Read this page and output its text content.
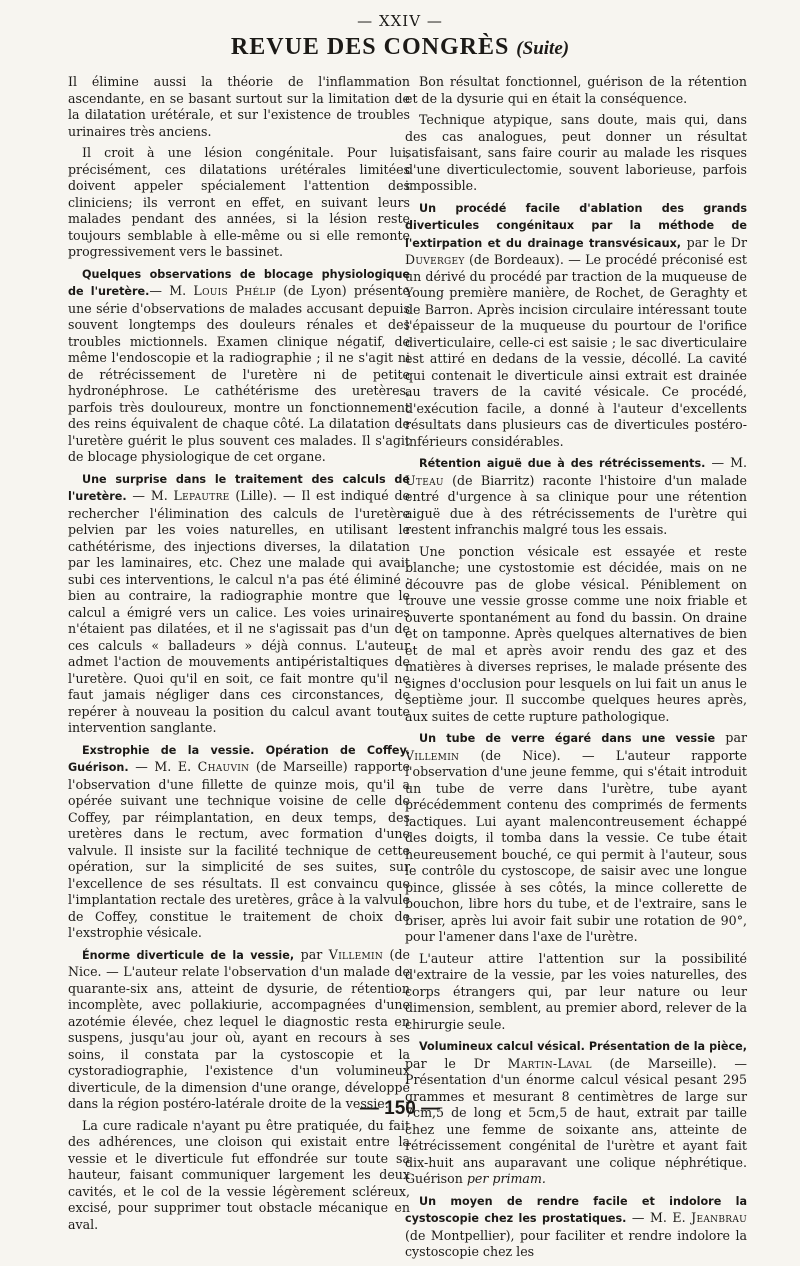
— XXIV —
REVUE DES CONGRÈS (Suite)

Il élimine aussi la théorie de l'inflammation ascendante, en se basant surtout sur la limitation de la dilatation urétérale, et sur l'existence de troubles urinaires très anciens.

Il croit à une lésion congénitale. Pour lui, précisément, ces dilatations urétérales limitées doivent appeler spécialement l'attention des cliniciens; ils verront en effet, en suivant leurs malades pendant des années, si la lésion reste toujours semblable à elle-même ou si elle remonte progressivement vers le bassinet.

Quelques observations de blocage physiologique de l'uretère.— M. Louis Phélip (de Lyon) présente une série d'observations de malades accusant depuis souvent longtemps des douleurs rénales et des troubles mictionnels. Examen clinique négatif, de même l'endoscopie et la radiographie ; il ne s'agit ni de rétrécissement de l'uretère ni de petite hydronéphrose. Le cathétérisme des uretères, parfois très douloureux, montre un fonctionnement des reins équivalent de chaque côté. La dilatation de l'uretère guérit le plus souvent ces malades. Il s'agit de blocage physiologique de cet organe.

Une surprise dans le traitement des calculs de l'uretère. — M. Lepautre (Lille). — Il est indiqué de rechercher l'élimination des calculs de l'uretère pelvien par les voies naturelles, en utilisant le cathétérisme, des injections diverses, la dilatation par les laminaires, etc. Chez une malade qui avait subi ces interventions, le calcul n'a pas été éliminé : bien au contraire, la radiographie montre que le calcul a émigré vers un calice. Les voies urinaires n'étaient pas dilatées, et il ne s'agissait pas d'un de ces calculs « balladeurs » déjà connus. L'auteur admet l'action de mouvements antipéristaltiques de l'uretère. Quoi qu'il en soit, ce fait montre qu'il ne faut jamais négliger dans ces circonstances, de repérer à nouveau la position du calcul avant toute intervention sanglante.

Exstrophie de la vessie. Opération de Coffey. Guérison. — M. E. Chauvin (de Marseille) rapporte l'observation d'une fillette de quinze mois, qu'il a opérée suivant une technique voisine de celle de Coffey, par réimplantation, en deux temps, des uretères dans le rectum, avec formation d'une valvule. Il insiste sur la facilité technique de cette opération, sur la simplicité de ses suites, sur l'excellence de ses résultats. Il est convaincu que l'implantation rectale des uretères, grâce à la valvule de Coffey, constitue le traitement de choix de l'exstrophie vésicale.

Énorme diverticule de la vessie, par Villemin (de Nice. — L'auteur relate l'observation d'un malade de quarante-six ans, atteint de dysurie, de rétention incomplète, avec pollakiurie, accompagnées d'une azotémie élevée, chez lequel le diagnostic resta en suspens, jusqu'au jour où, ayant en recours à ses soins, il constata par la cystoscopie et la cystoradiographie, l'existence d'un volumineux diverticule, de la dimension d'une orange, développé dans la région postéro-latérale droite de la vessie.

La cure radicale n'ayant pu être pratiquée, du fait des adhérences, une cloison qui existait entre la vessie et le diverticule fut effondrée sur toute sa hauteur, faisant communiquer largement les deux cavités, et le col de la vessie légèrement scléreux, excisé, pour supprimer tout obstacle mécanique en aval.

Bon résultat fonctionnel, guérison de la rétention et de la dysurie qui en était la conséquence.

Technique atypique, sans doute, mais qui, dans des cas analogues, peut donner un résultat satisfaisant, sans faire courir au malade les risques d'une diverticulectomie, souvent laborieuse, parfois impossible.

Un procédé facile d'ablation des grands diverticules congénitaux par la méthode de l'extirpation et du drainage transvésicaux, par le Dr Duvergey (de Bordeaux). — Le procédé préconisé est un dérivé du procédé par traction de la muqueuse de Young première manière, de Rochet, de Geraghty et de Barron. Après incision circulaire intéressant toute l'épaisseur de la muqueuse du pourtour de l'orifice diverticulaire, celle-ci est saisie ; le sac diverticulaire est attiré en dedans de la vessie, décollé. La cavité qui contenait le diverticule ainsi extrait est drainée au travers de la cavité vésicale. Ce procédé, d'exécution facile, a donné à l'auteur d'excellents résultats dans plusieurs cas de diverticules postéro-inférieurs considérables.

Rétention aiguë due à des rétrécissements. — M. Uteau (de Biarritz) raconte l'histoire d'un malade entré d'urgence à sa clinique pour une rétention aiguë due à des rétrécissements de l'urètre qui restent infranchis malgré tous les essais.

Une ponction vésicale est essayée et reste blanche; une cystostomie est décidée, mais on ne découvre pas de globe vésical. Péniblement on trouve une vessie grosse comme une noix friable et ouverte spontanément au fond du bassin. On draine et on tamponne. Après quelques alternatives de bien et de mal et après avoir rendu des gaz et des matières à diverses reprises, le malade présente des signes d'occlusion pour lesquels on lui fait un anus le septième jour. Il succombe quelques heures après, aux suites de cette rupture pathologique.

Un tube de verre égaré dans une vessie par Villemin (de Nice). — L'auteur rapporte l'observation d'une jeune femme, qui s'était introduit un tube de verre dans l'urètre, tube ayant précédemment contenu des comprimés de ferments lactiques. Lui ayant malencontreusement échappé des doigts, il tomba dans la vessie. Ce tube était heureusement bouché, ce qui permit à l'auteur, sous le contrôle du cystoscope, de saisir avec une longue pince, glissée à ses côtés, la mince collerette de bouchon, libre hors du tube, et de l'extraire, sans le briser, après lui avoir fait subir une rotation de 90°, pour l'amener dans l'axe de l'urètre.

L'auteur attire l'attention sur la possibilité d'extraire de la vessie, par les voies naturelles, des corps étrangers qui, par leur nature ou leur dimension, semblent, au premier abord, relever de la chirurgie seule.

Volumineux calcul vésical. Présentation de la pièce, par le Dr Martin-Laval (de Marseille). — Présentation d'un énorme calcul vésical pesant 295 grammes et mesurant 8 centimètres de large sur 7cm,5 de long et 5cm,5 de haut, extrait par taille chez une femme de soixante ans, atteinte de rétrécissement congénital de l'urètre et ayant fait dix-huit ans auparavant une colique néphrétique. Guérison per primam.

Un moyen de rendre facile et indolore la cystoscopie chez les prostatiques. — M. E. Jeanbrau (de Montpellier), pour faciliter et rendre indolore la cystoscopie chez les

— 150 —
